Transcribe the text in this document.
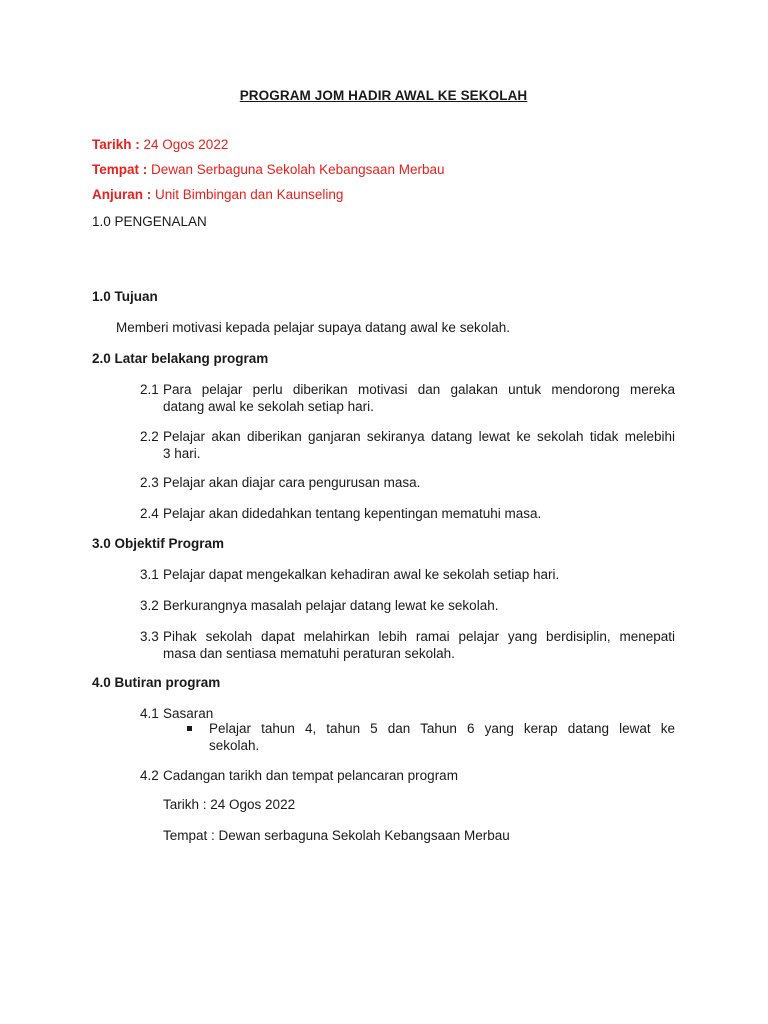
PROGRAM JOM HADIR AWAL KE SEKOLAH
Tarikh : 24 Ogos 2022
Tempat : Dewan Serbaguna Sekolah Kebangsaan Merbau
Anjuran : Unit Bimbingan dan Kaunseling
1.0 PENGENALAN
1.0 Tujuan
Memberi motivasi kepada pelajar supaya datang awal ke sekolah.
2.0 Latar belakang program
2.1 Para pelajar perlu diberikan motivasi dan galakan untuk mendorong mereka
datang awal ke sekolah setiap hari.
2.2 Pelajar akan diberikan ganjaran sekiranya datang lewat ke sekolah tidak melebihi
3 hari.
2.3 Pelajar akan diajar cara pengurusan masa.
2.4 Pelajar akan didedahkan tentang kepentingan mematuhi masa.
3.0 Objektif Program
3.1 Pelajar dapat mengekalkan kehadiran awal ke sekolah setiap hari.
3.2 Berkurangnya masalah pelajar datang lewat ke sekolah.
3.3 Pihak sekolah dapat melahirkan lebih ramai pelajar yang berdisiplin, menepati
masa dan sentiasa mematuhi peraturan sekolah.
4.0 Butiran program
4.1 Sasaran
Pelajar tahun 4, tahun 5 dan Tahun 6 yang kerap datang lewat ke
sekolah.
4.2 Cadangan tarikh dan tempat pelancaran program
Tarikh : 24 Ogos 2022
Tempat : Dewan serbaguna Sekolah Kebangsaan Merbau
